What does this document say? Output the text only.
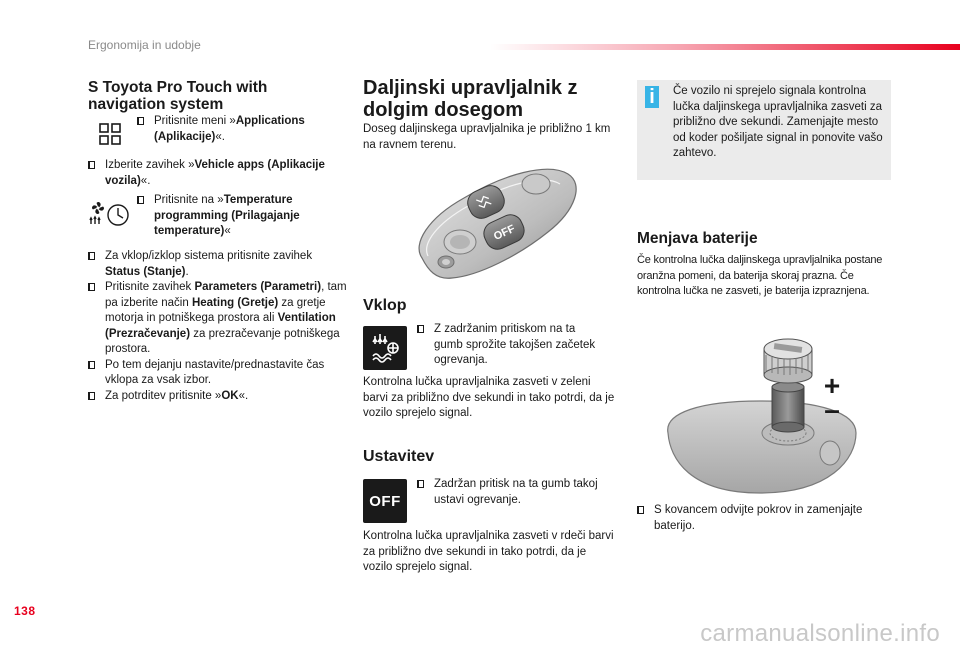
Ergonomija in udobje
S Toyota Pro Touch with
navigation system

Pritisnite meni »Applications (Aplikacije)«.

Izberite zavihek »Vehicle apps (Aplikacije vozila)«.

Pritisnite na »Temperature programming (Prilagajanje temperature)«

Za vklop/izklop sistema pritisnite zavihek Status (Stanje).

Pritisnite zavihek Parameters (Parametri), tam pa izberite način Heating (Gretje) za gretje motorja in potniškega prostora ali Ventilation (Prezračevanje) za prezračevanje potniškega prostora.

Po tem dejanju nastavite/prednastavite čas vklopa za vsak izbor.

Za potrditev pritisnite »OK«.

Daljinski upravljalnik z
dolgim dosegom

Doseg daljinskega upravljalnika je približno 1 km na ravnem terenu.

OFF
Vklop

Z zadržanim pritiskom na ta gumb sprožite takojšen začetek ogrevanja.

Kontrolna lučka upravljalnika zasveti v zeleni barvi za približno dve sekundi in tako potrdi, da je vozilo sprejelo signal.

Ustavitev
OFF

Zadržan pritisk na ta gumb takoj ustavi ogrevanje.

Kontrolna lučka upravljalnika zasveti v rdeči barvi za približno dve sekundi in tako potrdi, da je vozilo sprejelo signal.

i	Če vozilo ni sprejelo signala kontrolna lučka daljinskega upravljalnika zasveti za približno dve sekundi. Zamenjajte mesto od koder pošiljate signal in ponovite vašo zahtevo.

Menjava baterije

Če kontrolna lučka daljinskega upravljalnika postane oranžna pomeni, da baterija skoraj prazna. Če kontrolna lučka ne zasveti, je baterija izpraznjena.

+
–

S kovancem odvijte pokrov in zamenjajte baterijo.

138
carmanualsonline.info
